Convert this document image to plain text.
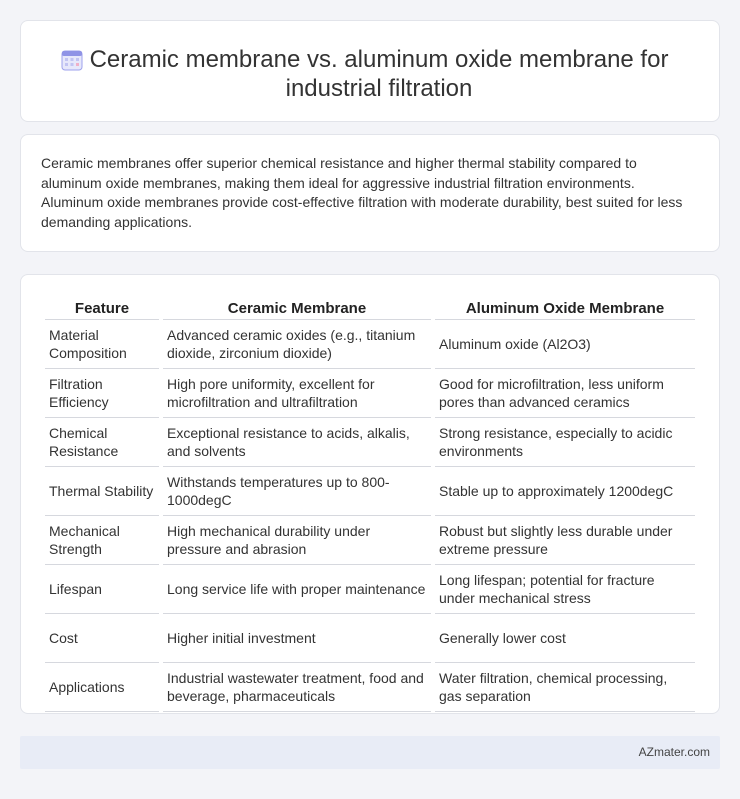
Ceramic membrane vs. aluminum oxide membrane for industrial filtration

Ceramic membranes offer superior chemical resistance and higher thermal stability compared to aluminum oxide membranes, making them ideal for aggressive industrial filtration environments. Aluminum oxide membranes provide cost-effective filtration with moderate durability, best suited for less demanding applications.

Feature	Ceramic Membrane	Aluminum Oxide Membrane
Material Composition	Advanced ceramic oxides (e.g., titanium dioxide, zirconium dioxide)	Aluminum oxide (Al2O3)
Filtration Efficiency	High pore uniformity, excellent for microfiltration and ultrafiltration	Good for microfiltration, less uniform pores than advanced ceramics
Chemical Resistance	Exceptional resistance to acids, alkalis, and solvents	Strong resistance, especially to acidic environments
Thermal Stability	Withstands temperatures up to 800-1000degC	Stable up to approximately 1200degC
Mechanical Strength	High mechanical durability under pressure and abrasion	Robust but slightly less durable under extreme pressure
Lifespan	Long service life with proper maintenance	Long lifespan; potential for fracture under mechanical stress
Cost	Higher initial investment	Generally lower cost
Applications	Industrial wastewater treatment, food and beverage, pharmaceuticals	Water filtration, chemical processing, gas separation
AZmater.com
